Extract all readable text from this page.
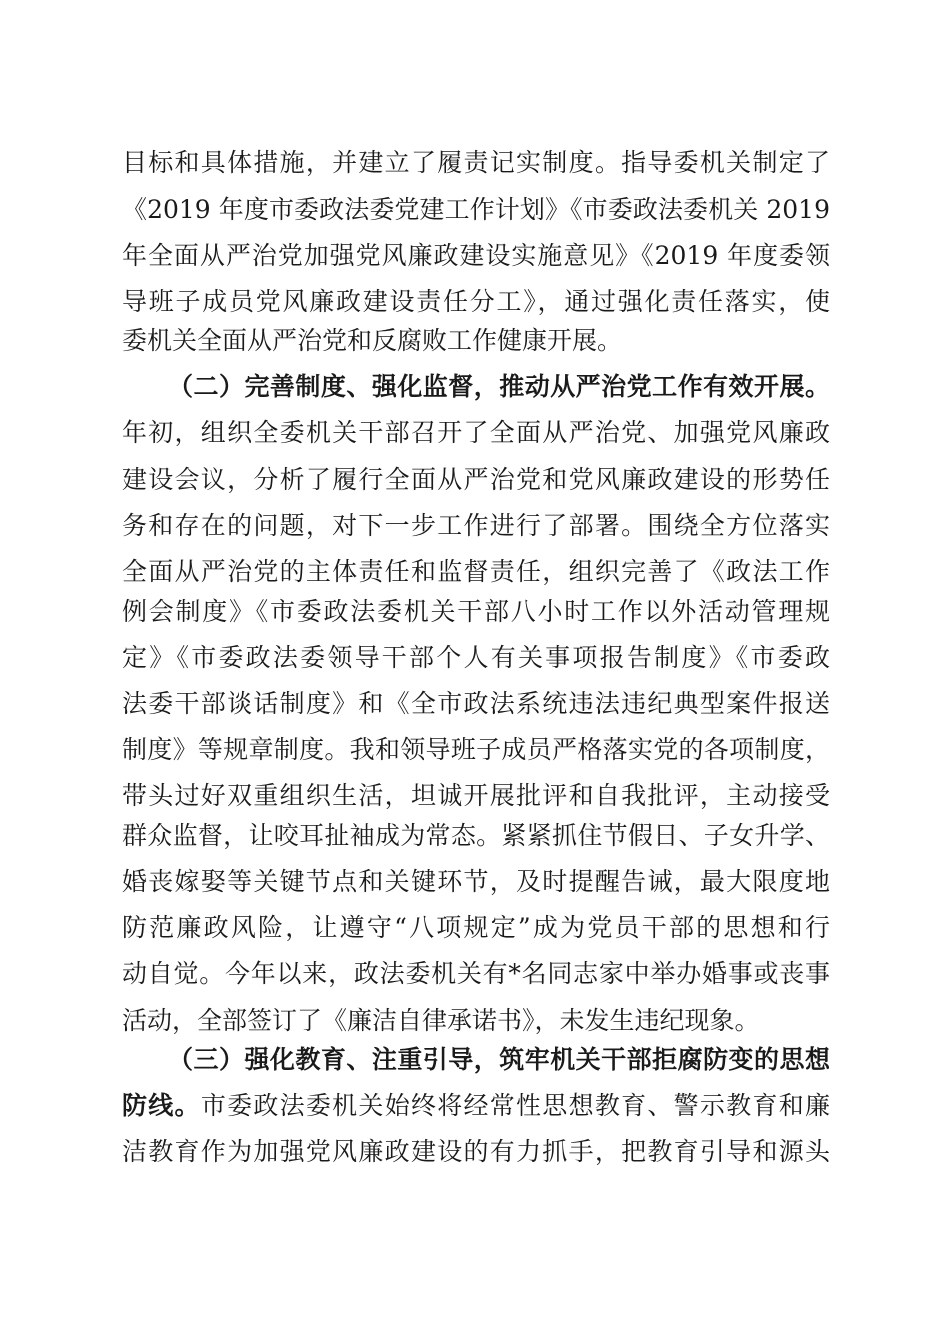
目标和具体措施，并建立了履责记实制度。指导委机关制定了
《2019 年度市委政法委党建工作计划》《市委政法委机关 2019
年全面从严治党加强党风廉政建设实施意见》《2019 年度委领
导班子成员党风廉政建设责任分工》，通过强化责任落实，使
委机关全面从严治党和反腐败工作健康开展。
（二）完善制度、强化监督，推动从严治党工作有效开展。
年初，组织全委机关干部召开了全面从严治党、加强党风廉政
建设会议，分析了履行全面从严治党和党风廉政建设的形势任
务和存在的问题，对下一步工作进行了部署。围绕全方位落实
全面从严治党的主体责任和监督责任，组织完善了《政法工作
例会制度》《市委政法委机关干部八小时工作以外活动管理规
定》《市委政法委领导干部个人有关事项报告制度》《市委政
法委干部谈话制度》和《全市政法系统违法违纪典型案件报送
制度》等规章制度。我和领导班子成员严格落实党的各项制度，
带头过好双重组织生活，坦诚开展批评和自我批评，主动接受
群众监督，让咬耳扯袖成为常态。紧紧抓住节假日、子女升学、
婚丧嫁娶等关键节点和关键环节，及时提醒告诫，最大限度地
防范廉政风险，让遵守“八项规定”成为党员干部的思想和行
动自觉。今年以来，政法委机关有*名同志家中举办婚事或丧事
活动，全部签订了《廉洁自律承诺书》，未发生违纪现象。
（三）强化教育、注重引导，筑牢机关干部拒腐防变的思想
防线。市委政法委机关始终将经常性思想教育、警示教育和廉
洁教育作为加强党风廉政建设的有力抓手，把教育引导和源头
